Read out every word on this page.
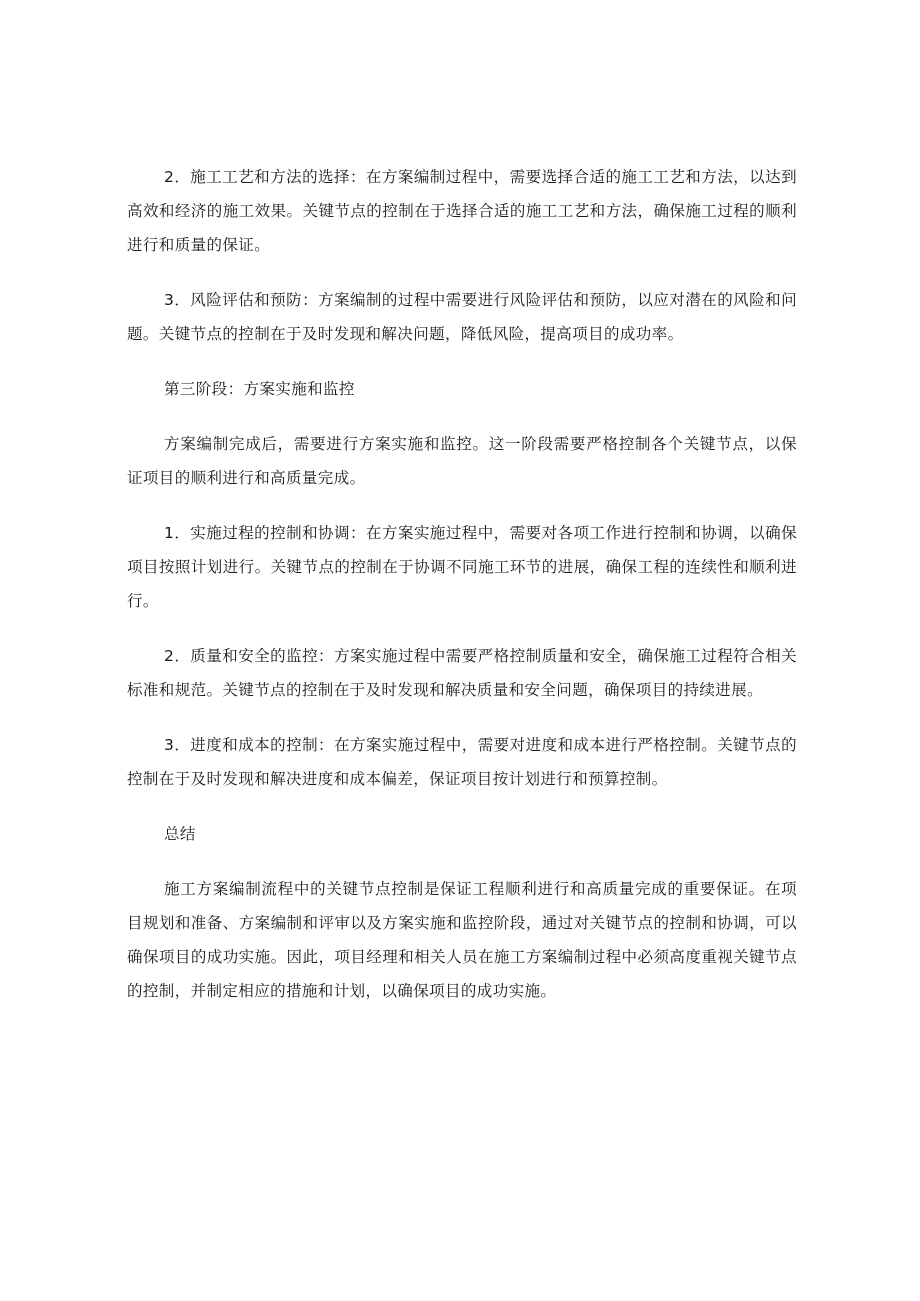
2．施工工艺和方法的选择：在方案编制过程中，需要选择合适的施工工艺和方法，以达到高效和经济的施工效果。关键节点的控制在于选择合适的施工工艺和方法，确保施工过程的顺利进行和质量的保证。

3．风险评估和预防：方案编制的过程中需要进行风险评估和预防，以应对潜在的风险和问题。关键节点的控制在于及时发现和解决问题，降低风险，提高项目的成功率。

第三阶段：方案实施和监控

方案编制完成后，需要进行方案实施和监控。这一阶段需要严格控制各个关键节点，以保证项目的顺利进行和高质量完成。

1．实施过程的控制和协调：在方案实施过程中，需要对各项工作进行控制和协调，以确保项目按照计划进行。关键节点的控制在于协调不同施工环节的进展，确保工程的连续性和顺利进行。

2．质量和安全的监控：方案实施过程中需要严格控制质量和安全，确保施工过程符合相关标准和规范。关键节点的控制在于及时发现和解决质量和安全问题，确保项目的持续进展。

3．进度和成本的控制：在方案实施过程中，需要对进度和成本进行严格控制。关键节点的控制在于及时发现和解决进度和成本偏差，保证项目按计划进行和预算控制。

总结

施工方案编制流程中的关键节点控制是保证工程顺利进行和高质量完成的重要保证。在项目规划和准备、方案编制和评审以及方案实施和监控阶段，通过对关键节点的控制和协调，可以确保项目的成功实施。因此，项目经理和相关人员在施工方案编制过程中必须高度重视关键节点的控制，并制定相应的措施和计划，以确保项目的成功实施。
